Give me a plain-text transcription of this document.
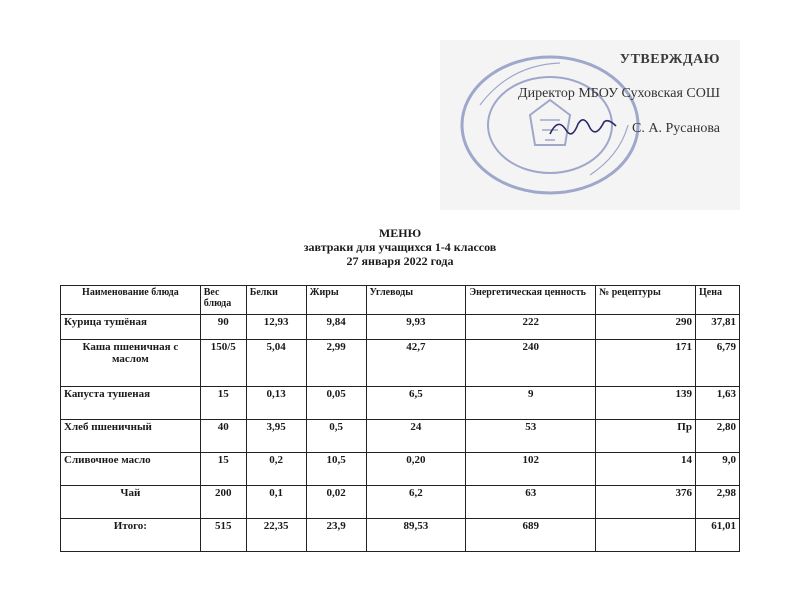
УТВЕРЖДАЮ
Директор МБОУ Суховская СОШ
С. А. Русанова
МЕНЮ
завтраки для учащихся 1-4 классов
27 января 2022 года
Наименование блюда	Вес блюда	Белки	Жиры	Углеводы	Энергетическая ценность	№ рецептуры	Цена
Курица тушёная	90	12,93	9,84	9,93	222	290	37,81
Каша пшеничная с маслом	150/5	5,04	2,99	42,7	240	171	6,79
Капуста тушеная	15	0,13	0,05	6,5	9	139	1,63
Хлеб пшеничный	40	3,95	0,5	24	53	Пр	2,80
Сливочное масло	15	0,2	10,5	0,20	102	14	9,0
Чай	200	0,1	0,02	6,2	63	376	2,98
Итого:	515	22,35	23,9	89,53	689		61,01
